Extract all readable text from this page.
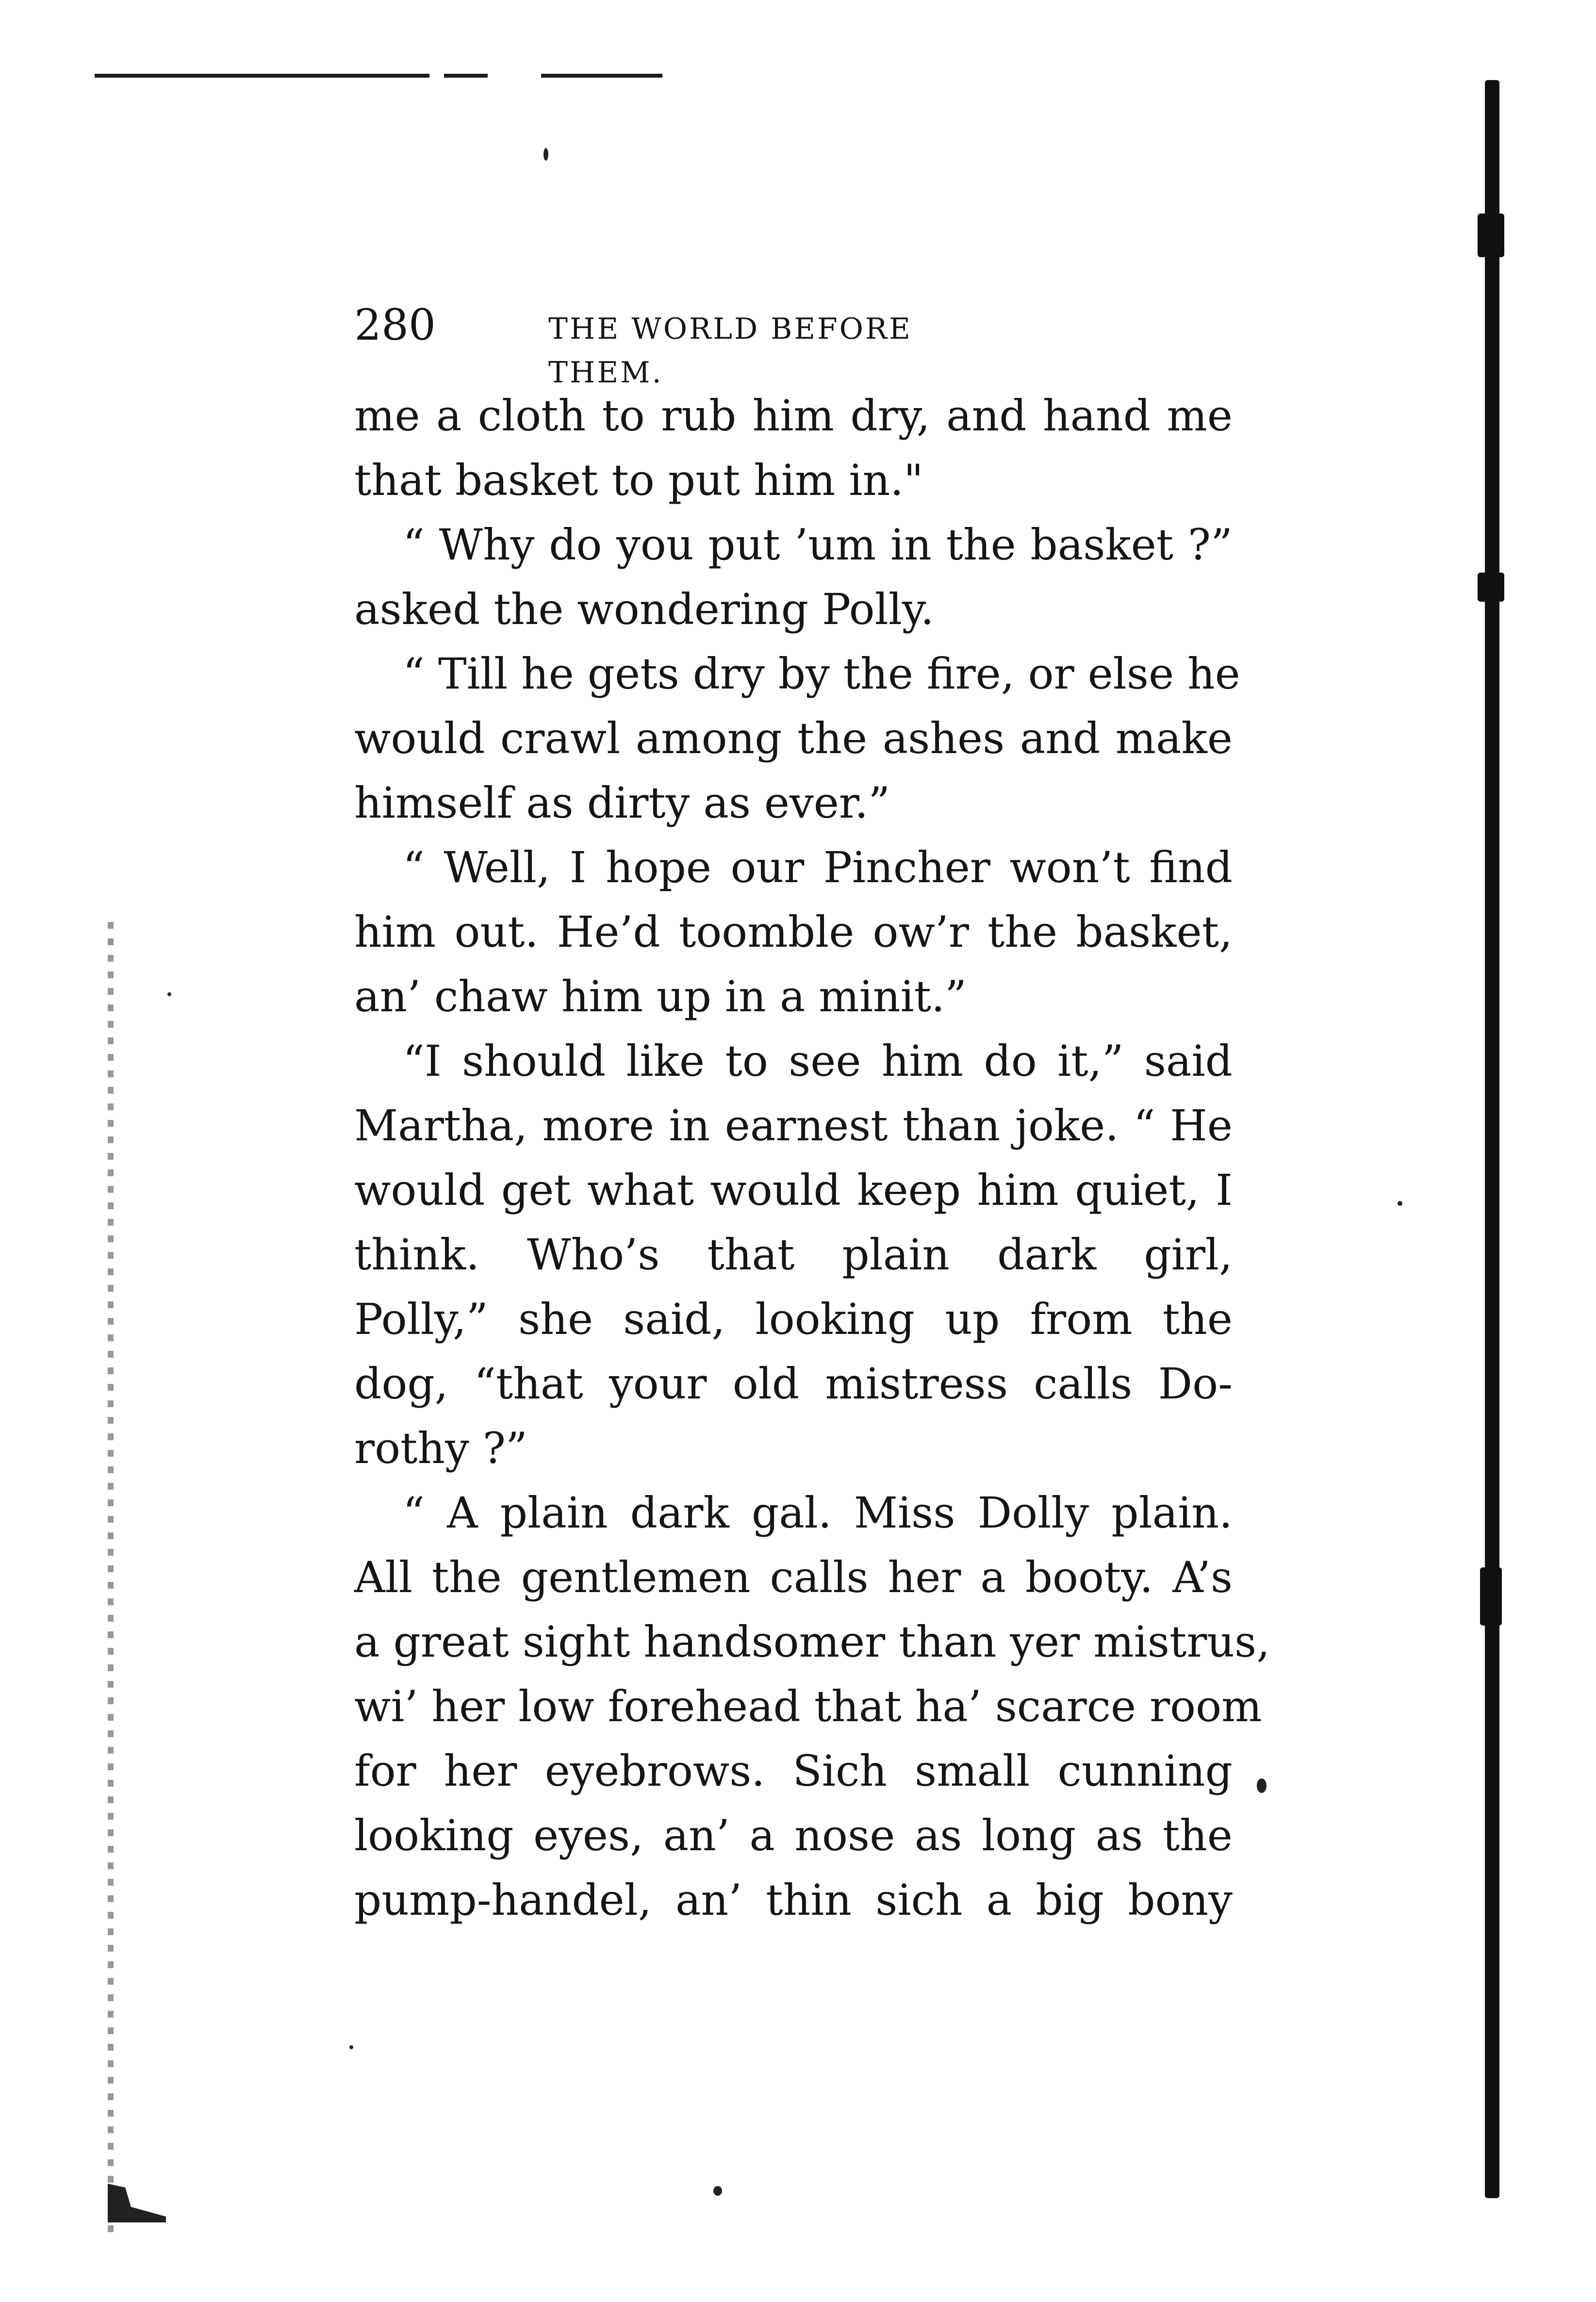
280	THE WORLD BEFORE THEM.
me a cloth to rub him dry, and hand me
that basket to put him in."
“ Why do you put ’um in the basket ?”
asked the wondering Polly.
“ Till he gets dry by the fire, or else he
would crawl among the ashes and make
himself as dirty as ever.”
“ Well, I hope our Pincher won’t find
him out. He’d toomble ow’r the basket,
an’ chaw him up in a minit.”
“I should like to see him do it,” said
Martha, more in earnest than joke. “ He
would get what would keep him quiet, I
think. Who’s that plain dark girl,
Polly,” she said, looking up from the
dog, “that your old mistress calls Do-
rothy ?”
“ A plain dark gal. Miss Dolly plain.
All the gentlemen calls her a booty. A’s
a great sight handsomer than yer mistrus,
wi’ her low forehead that ha’ scarce room
for her eyebrows. Sich small cunning
looking eyes, an’ a nose as long as the
pump-handel, an’ thin sich a big bony
